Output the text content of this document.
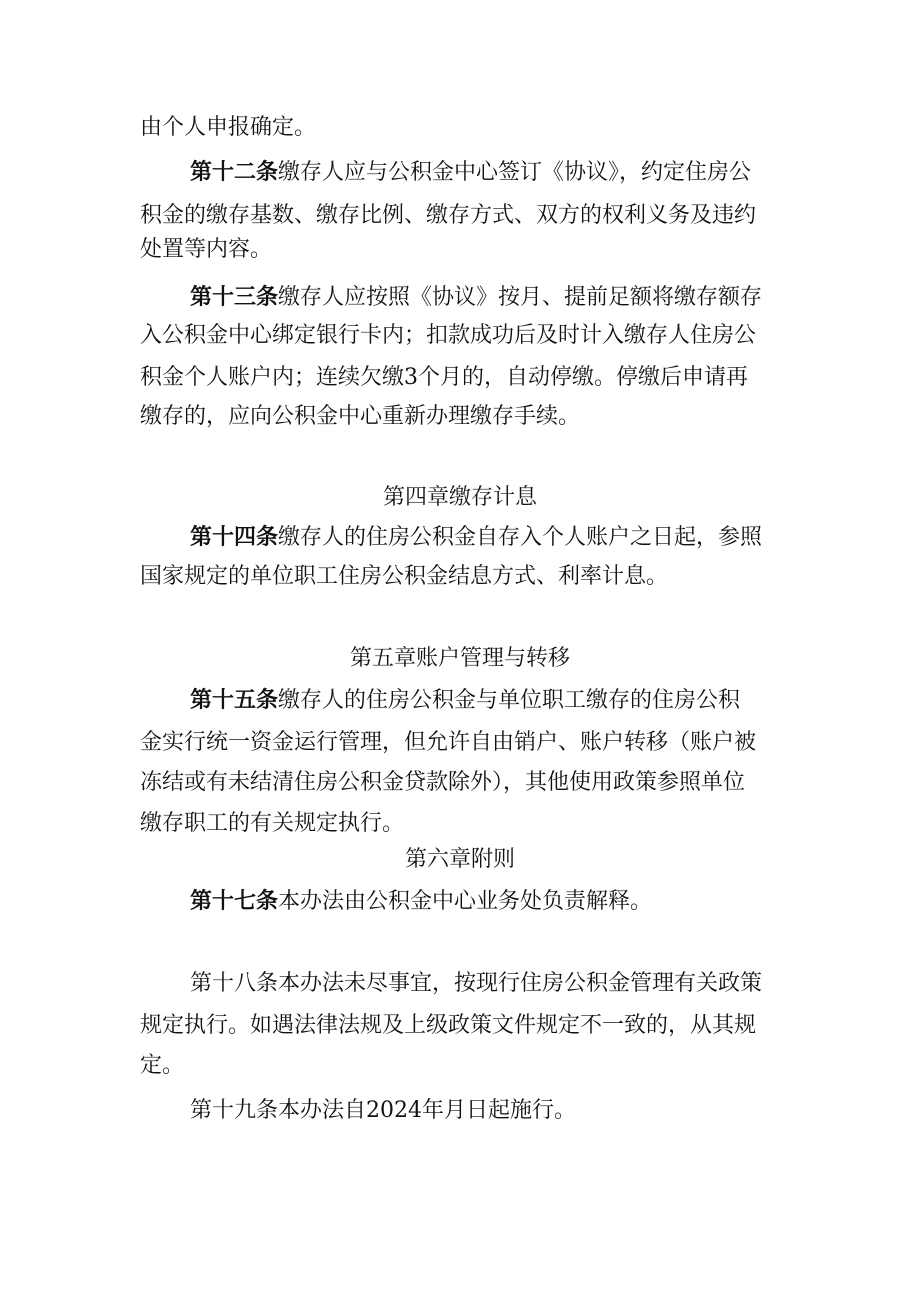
由个人申报确定。
第十二条缴存人应与公积金中心签订《协议》，约定住房公
积金的缴存基数、缴存比例、缴存方式、双方的权利义务及违约
处置等内容。
第十三条缴存人应按照《协议》按月、提前足额将缴存额存
入公积金中心绑定银行卡内；扣款成功后及时计入缴存人住房公
积金个人账户内；连续欠缴3个月的，自动停缴。停缴后申请再
缴存的，应向公积金中心重新办理缴存手续。
第四章缴存计息
第十四条缴存人的住房公积金自存入个人账户之日起，参照
国家规定的单位职工住房公积金结息方式、利率计息。
第五章账户管理与转移
第十五条缴存人的住房公积金与单位职工缴存的住房公积
金实行统一资金运行管理，但允许自由销户、账户转移（账户被
冻结或有未结清住房公积金贷款除外），其他使用政策参照单位
缴存职工的有关规定执行。
第六章附则
第十七条本办法由公积金中心业务处负责解释。
第十八条本办法未尽事宜，按现行住房公积金管理有关政策
规定执行。如遇法律法规及上级政策文件规定不一致的，从其规
定。
第十九条本办法自2024年月日起施行。
